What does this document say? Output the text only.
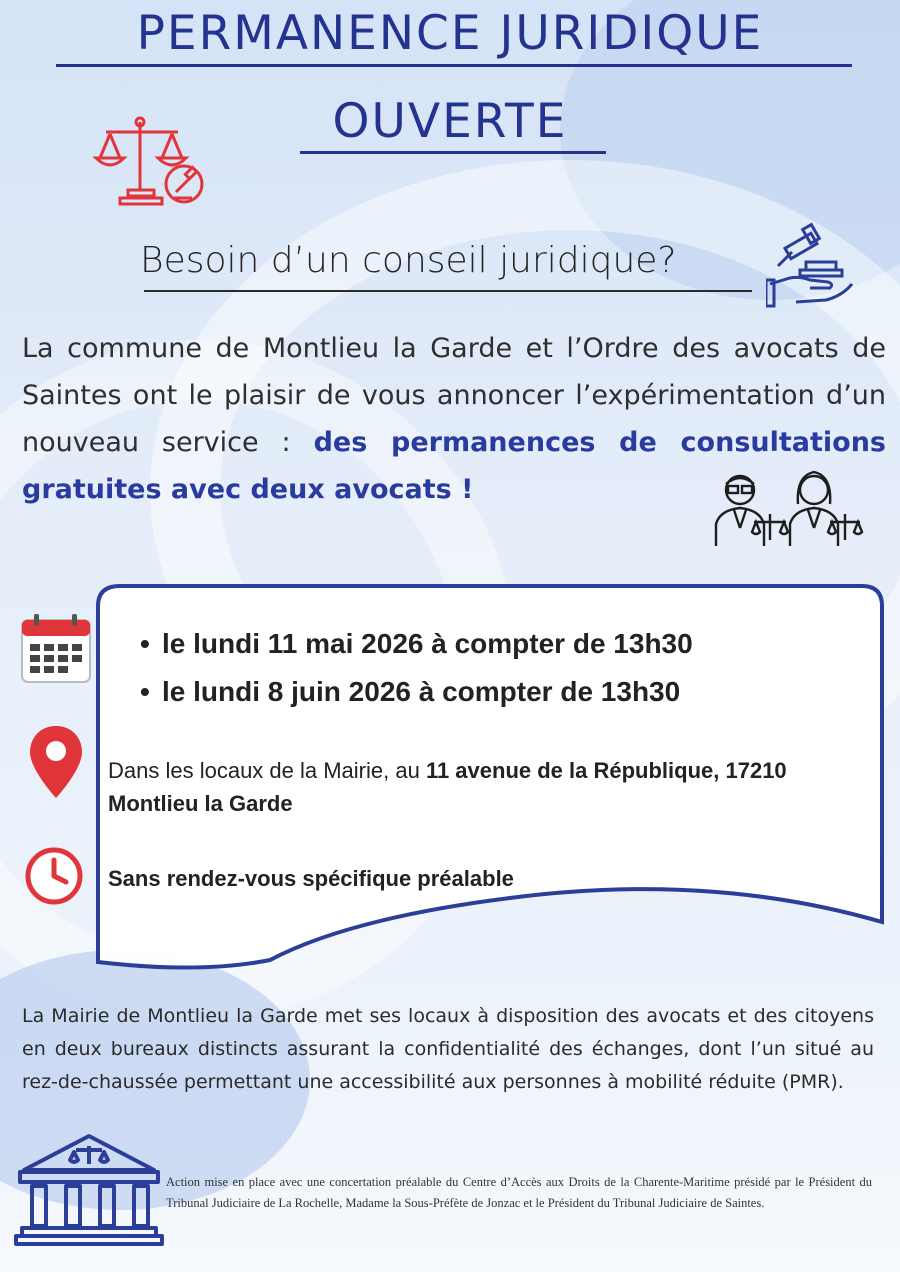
PERMANENCE JURIDIQUE
OUVERTE
Besoin d’un conseil juridique?
La commune de Montlieu la Garde et l’Ordre des avocats de Saintes ont le plaisir de vous annoncer l’expérimentation d’un nouveau service : des permanences de consultations gratuites avec deux avocats !
• le lundi 11 mai 2026 à compter de 13h30
• le lundi 8 juin 2026 à compter de 13h30
Dans les locaux de la Mairie, au 11 avenue de la République, 17210 Montlieu la Garde
Sans rendez-vous spécifique préalable
La Mairie de Montlieu la Garde met ses locaux à disposition des avocats et des citoyens en deux bureaux distincts assurant la confidentialité des échanges, dont l’un situé au rez-de-chaussée permettant une accessibilité aux personnes à mobilité réduite (PMR).
Action mise en place avec une concertation préalable du Centre d’Accès aux Droits de la Charente-Maritime présidé par le Président du Tribunal Judiciaire de La Rochelle, Madame la Sous-Préfète de Jonzac et le Président du Tribunal Judiciaire de Saintes.
